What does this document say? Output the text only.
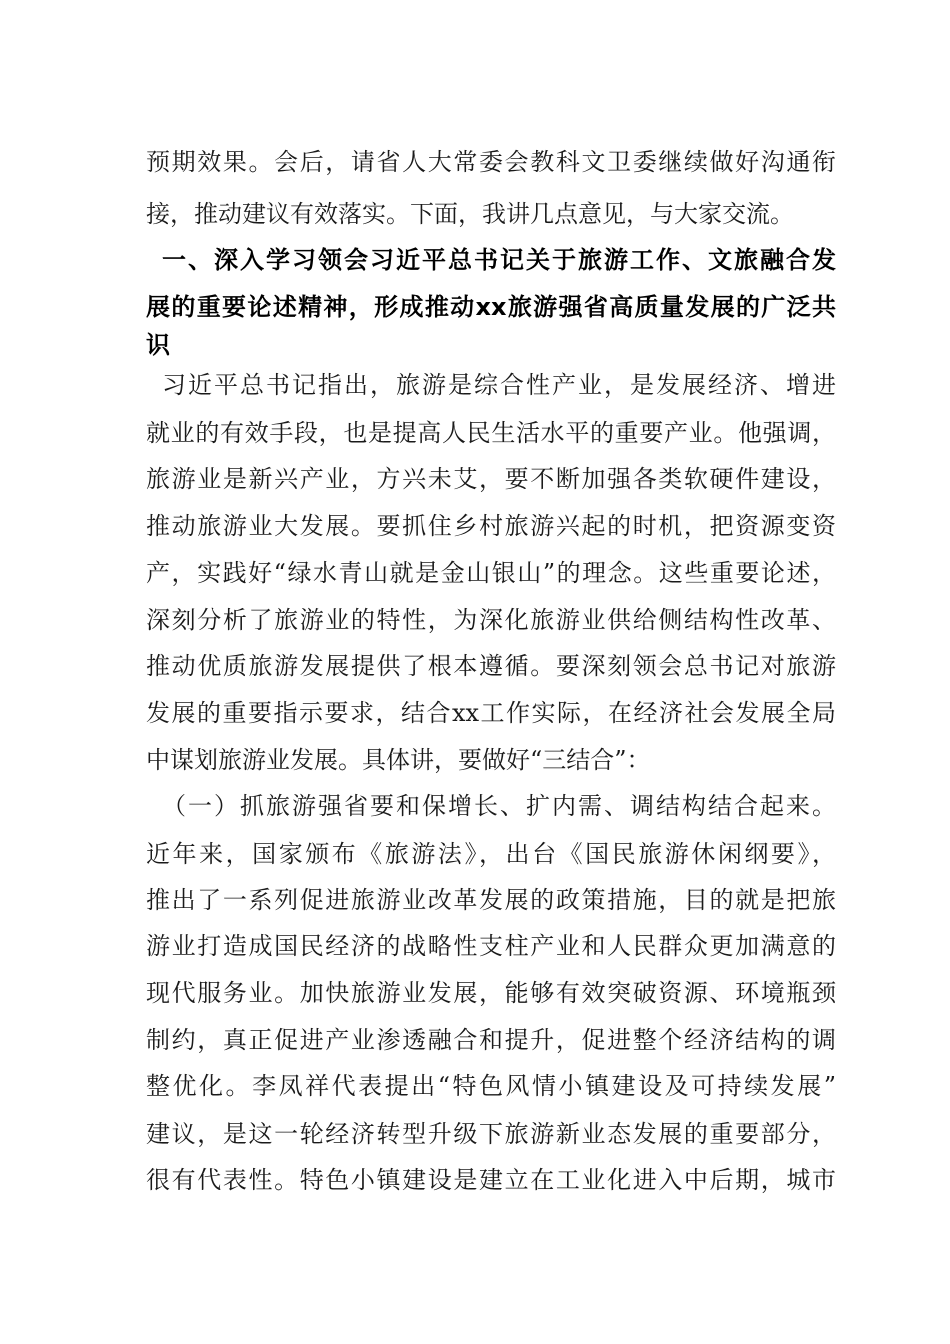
预期效果。会后，请省人大常委会教科文卫委继续做好沟通衔
接，推动建议有效落实。下面，我讲几点意见，与大家交流。
一、深入学习领会习近平总书记关于旅游工作、文旅融合发
展的重要论述精神，形成推动xx旅游强省高质量发展的广泛共
识
习近平总书记指出，旅游是综合性产业，是发展经济、增进
就业的有效手段，也是提高人民生活水平的重要产业。他强调，
旅游业是新兴产业，方兴未艾，要不断加强各类软硬件建设，
推动旅游业大发展。要抓住乡村旅游兴起的时机，把资源变资
产，实践好“绿水青山就是金山银山”的理念。这些重要论述，
深刻分析了旅游业的特性，为深化旅游业供给侧结构性改革、
推动优质旅游发展提供了根本遵循。要深刻领会总书记对旅游
发展的重要指示要求，结合xx工作实际，在经济社会发展全局
中谋划旅游业发展。具体讲，要做好“三结合”：
（一）抓旅游强省要和保增长、扩内需、调结构结合起来。
近年来，国家颁布《旅游法》，出台《国民旅游休闲纲要》，
推出了一系列促进旅游业改革发展的政策措施，目的就是把旅
游业打造成国民经济的战略性支柱产业和人民群众更加满意的
现代服务业。加快旅游业发展，能够有效突破资源、环境瓶颈
制约，真正促进产业渗透融合和提升，促进整个经济结构的调
整优化。李凤祥代表提出“特色风情小镇建设及可持续发展”
建议，是这一轮经济转型升级下旅游新业态发展的重要部分，
很有代表性。特色小镇建设是建立在工业化进入中后期，城市
